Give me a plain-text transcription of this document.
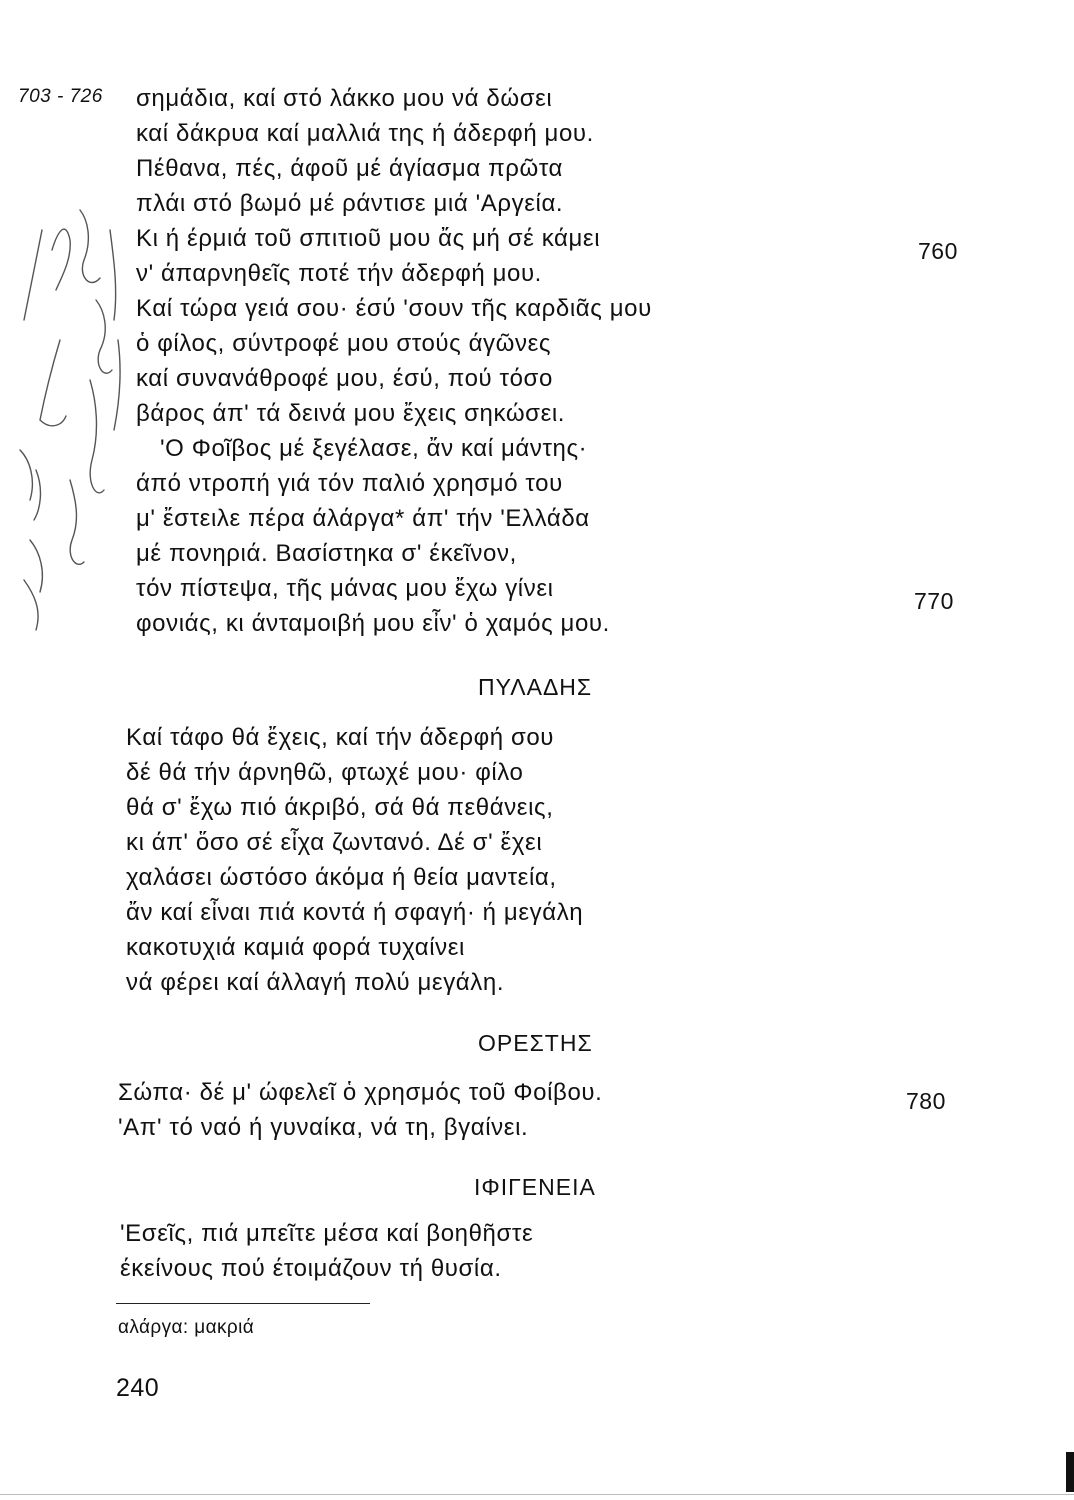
703 - 726 σημάδια, καί στό λάκκο μου νά δώσει
καί δάκρυα καί μαλλιά της ή άδερφή μου.
Πέθανα, πές, άφοῦ μέ άγίασμα πρῶτα
πλάι στό βωμό μέ ράντισε μιά 'Αργεία.
Κι ή έρμιά τοῦ σπιτιοῦ μου ἄς μή σέ κάμει
ν' άπαρνηθεῖς ποτέ τήν άδερφή μου.
Καί τώρα γειά σου· έσύ 'σουν τῆς καρδιᾶς μου
ὁ φίλος, σύντροφέ μου στούς άγῶνες
καί συνανάθροφέ μου, έσύ, πού τόσο
βάρος άπ' τά δεινά μου ἔχεις σηκώσει.
'Ο Φοῖβος μέ ξεγέλασε, ἄν καί μάντης·
άπό ντροπή γιά τόν παλιό χρησμό του
μ' ἔστειλε πέρα άλάργα* άπ' τήν 'Ελλάδα
μέ πονηριά. Βασίστηκα σ' έκεῖνον,
τόν πίστεψα, τῆς μάνας μου ἔχω γίνει
φονιάς, κι άνταμοιβή μου εἶν' ὁ χαμός μου.
760
770
ΠΥΛΑΔΗΣ
Καί τάφο θά ἔχεις, καί τήν άδερφή σου
δέ θά τήν άρνηθῶ, φτωχέ μου· φίλο
θά σ' ἔχω πιό άκριβό, σά θά πεθάνεις,
κι άπ' ὅσο σέ εἶχα ζωντανό. Δέ σ' ἔχει
χαλάσει ώστόσο άκόμα ή θεία μαντεία,
ἄν καί εἶναι πιά κοντά ή σφαγή· ή μεγάλη
κακοτυχιά καμιά φορά τυχαίνει
νά φέρει καί άλλαγή πολύ μεγάλη.
ΟΡΕΣΤΗΣ
Σώπα· δέ μ' ώφελεῖ ὁ χρησμός τοῦ Φοίβου.
'Απ' τό ναό ή γυναίκα, νά τη, βγαίνει.
780
ΙΦΙΓΕΝΕΙΑ
'Εσεῖς, πιά μπεῖτε μέσα καί βοηθῆστε
έκείνους πού έτοιμάζουν τή θυσία.
αλάργα: μακριά
240
